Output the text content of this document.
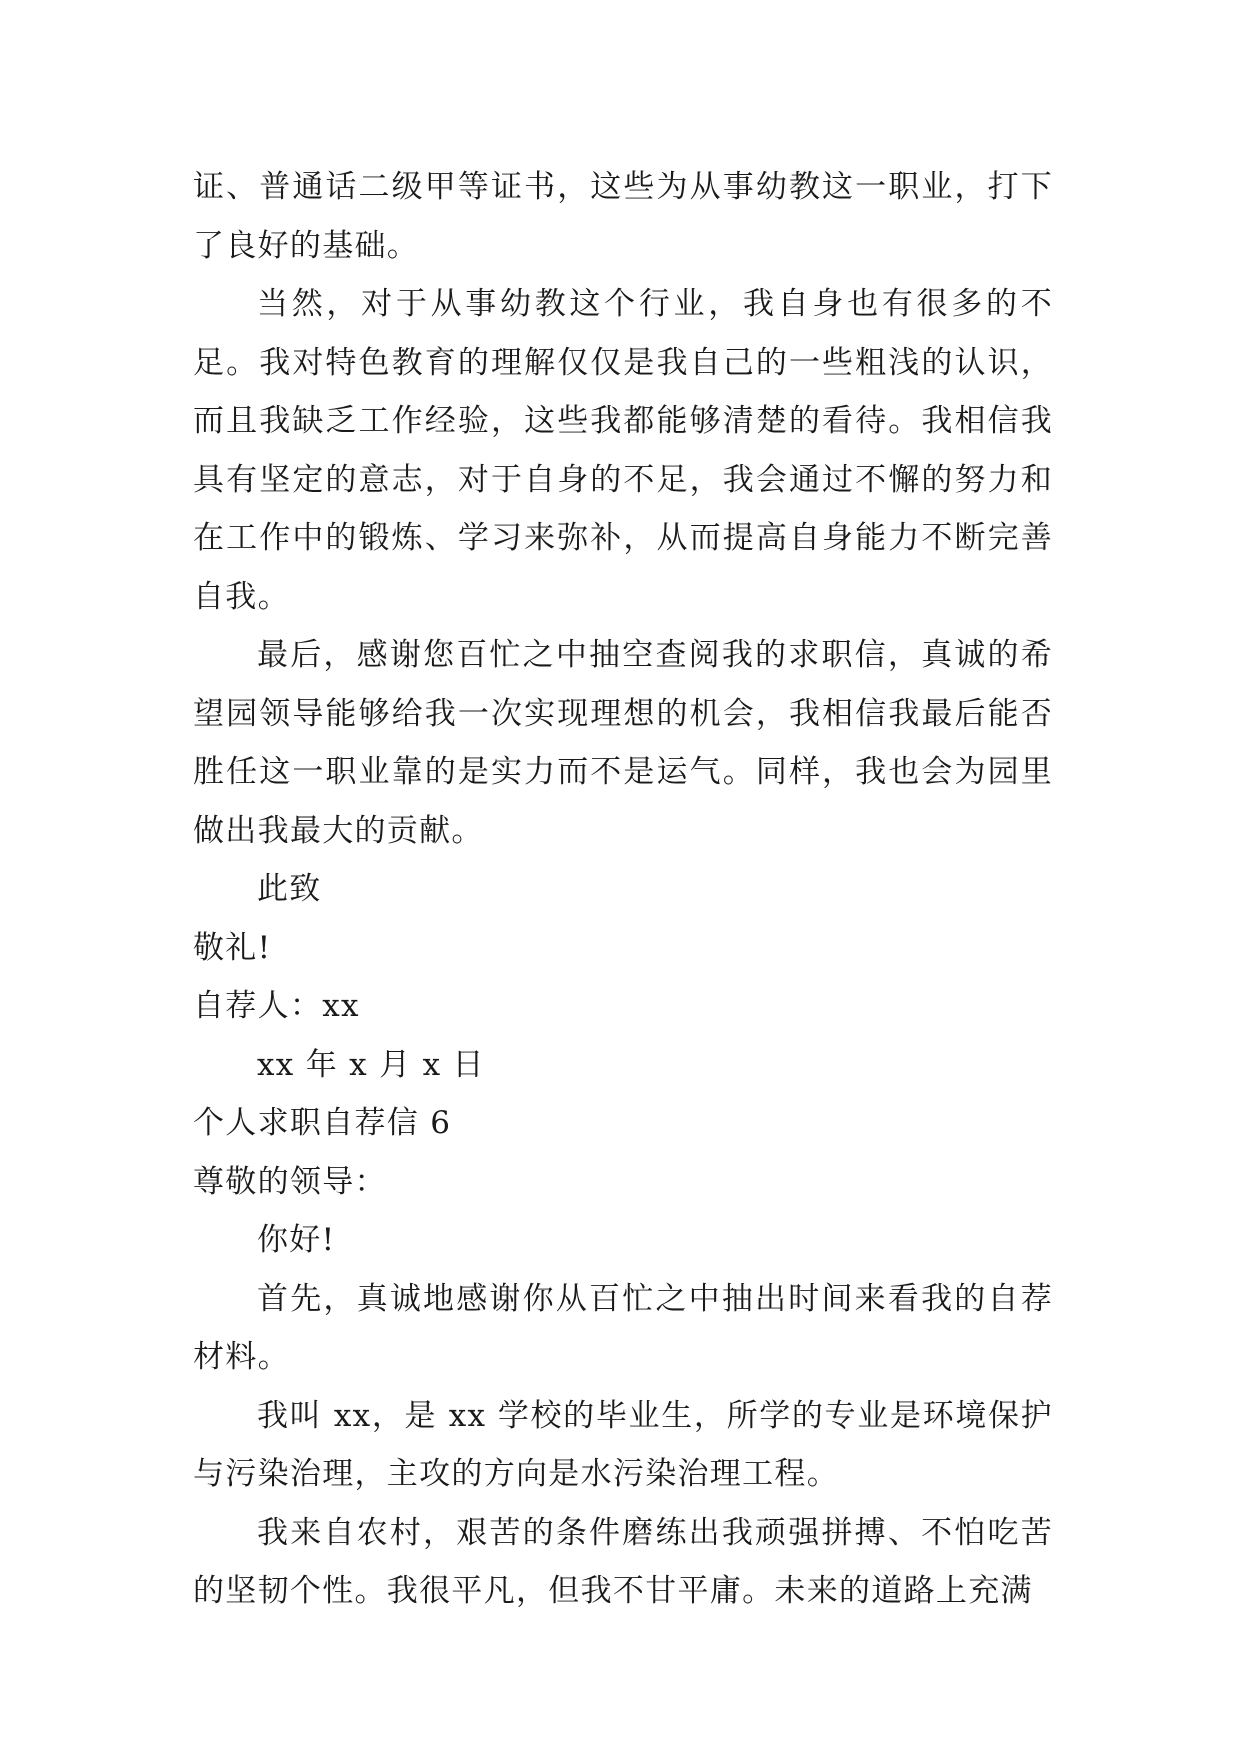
证、普通话二级甲等证书，这些为从事幼教这一职业，打下了良好的基础。

当然，对于从事幼教这个行业，我自身也有很多的不足。我对特色教育的理解仅仅是我自己的一些粗浅的认识，而且我缺乏工作经验，这些我都能够清楚的看待。我相信我具有坚定的意志，对于自身的不足，我会通过不懈的努力和在工作中的锻炼、学习来弥补，从而提高自身能力不断完善自我。

最后，感谢您百忙之中抽空查阅我的求职信，真诚的希望园领导能够给我一次实现理想的机会，我相信我最后能否胜任这一职业靠的是实力而不是运气。同样，我也会为园里做出我最大的贡献。

此致

敬礼!

自荐人：xx

xx 年 x 月 x 日

个人求职自荐信 6

尊敬的领导：

你好!

首先，真诚地感谢你从百忙之中抽出时间来看我的自荐材料。

我叫 xx，是 xx 学校的毕业生，所学的专业是环境保护与污染治理，主攻的方向是水污染治理工程。

我来自农村，艰苦的条件磨练出我顽强拼搏、不怕吃苦的坚韧个性。我很平凡，但我不甘平庸。未来的道路上充满
